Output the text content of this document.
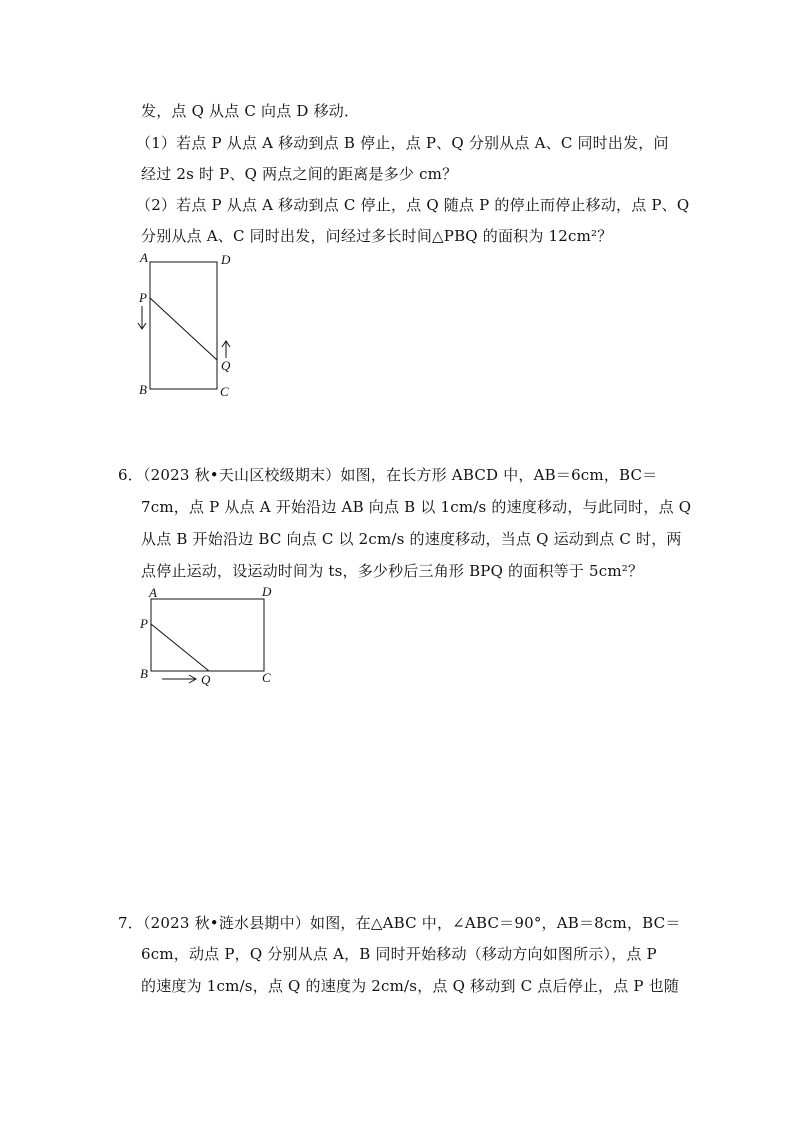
发，点 Q 从点 C 向点 D 移动．
（1）若点 P 从点 A 移动到点 B 停止，点 P、Q 分别从点 A、C 同时出发，问
经过 2s 时 P、Q 两点之间的距离是多少 cm？
（2）若点 P 从点 A 移动到点 C 停止，点 Q 随点 P 的停止而停止移动，点 P、Q
分别从点 A、C 同时出发，问经过多长时间△PBQ 的面积为 12cm²？
A	D
P
Q
B	C
6．（2023 秋•天山区校级期末）如图，在长方形 ABCD 中，AB＝6cm，BC＝
7cm，点 P 从点 A 开始沿边 AB 向点 B 以 1cm/s 的速度移动，与此同时，点 Q
从点 B 开始沿边 BC 向点 C 以 2cm/s 的速度移动，当点 Q 运动到点 C 时，两
点停止运动，设运动时间为 ts，多少秒后三角形 BPQ 的面积等于 5cm²？
A	D
P
B	Q	C
7．（2023 秋•涟水县期中）如图，在△ABC 中，∠ABC＝90°，AB＝8cm，BC＝
6cm，动点 P，Q 分别从点 A，B 同时开始移动（移动方向如图所示），点 P
的速度为 1cm/s，点 Q 的速度为 2cm/s，点 Q 移动到 C 点后停止，点 P 也随
